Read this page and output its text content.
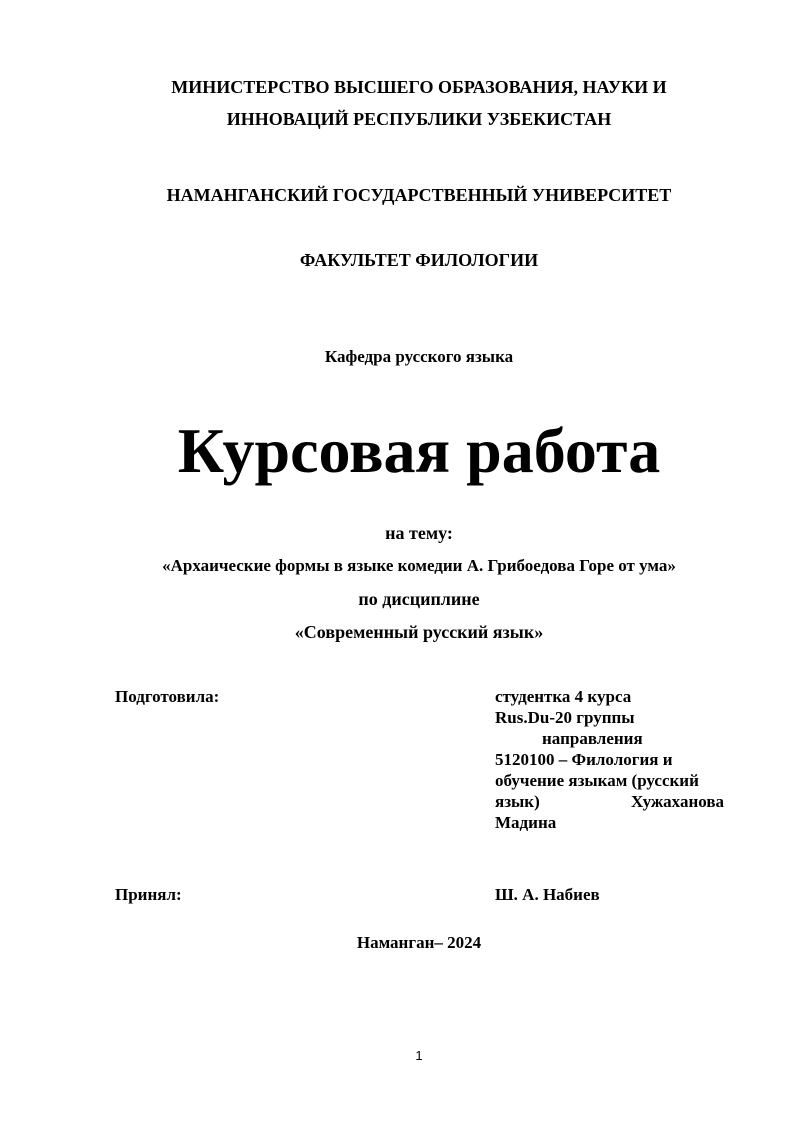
МИНИСТЕРСТВО ВЫСШЕГО ОБРАЗОВАНИЯ, НАУКИ И
ИННОВАЦИЙ РЕСПУБЛИКИ УЗБЕКИСТАН
НАМАНГАНСКИЙ ГОСУДАРСТВЕННЫЙ УНИВЕРСИТЕТ
ФАКУЛЬТЕТ ФИЛОЛОГИИ
Кафедра русского языка
Курсовая работа
на тему:
«Архаические формы в языке комедии А. Грибоедова Горе от ума»
по дисциплине
«Современный русский язык»
Подготовила:	студентка 4 курса
Rus.Du-20 группы
направления
5120100 – Филология и
обучение языкам (русский
язык)	Хужаханова
Мадина
Принял:	Ш. А. Набиев
Наманган– 2024
1
